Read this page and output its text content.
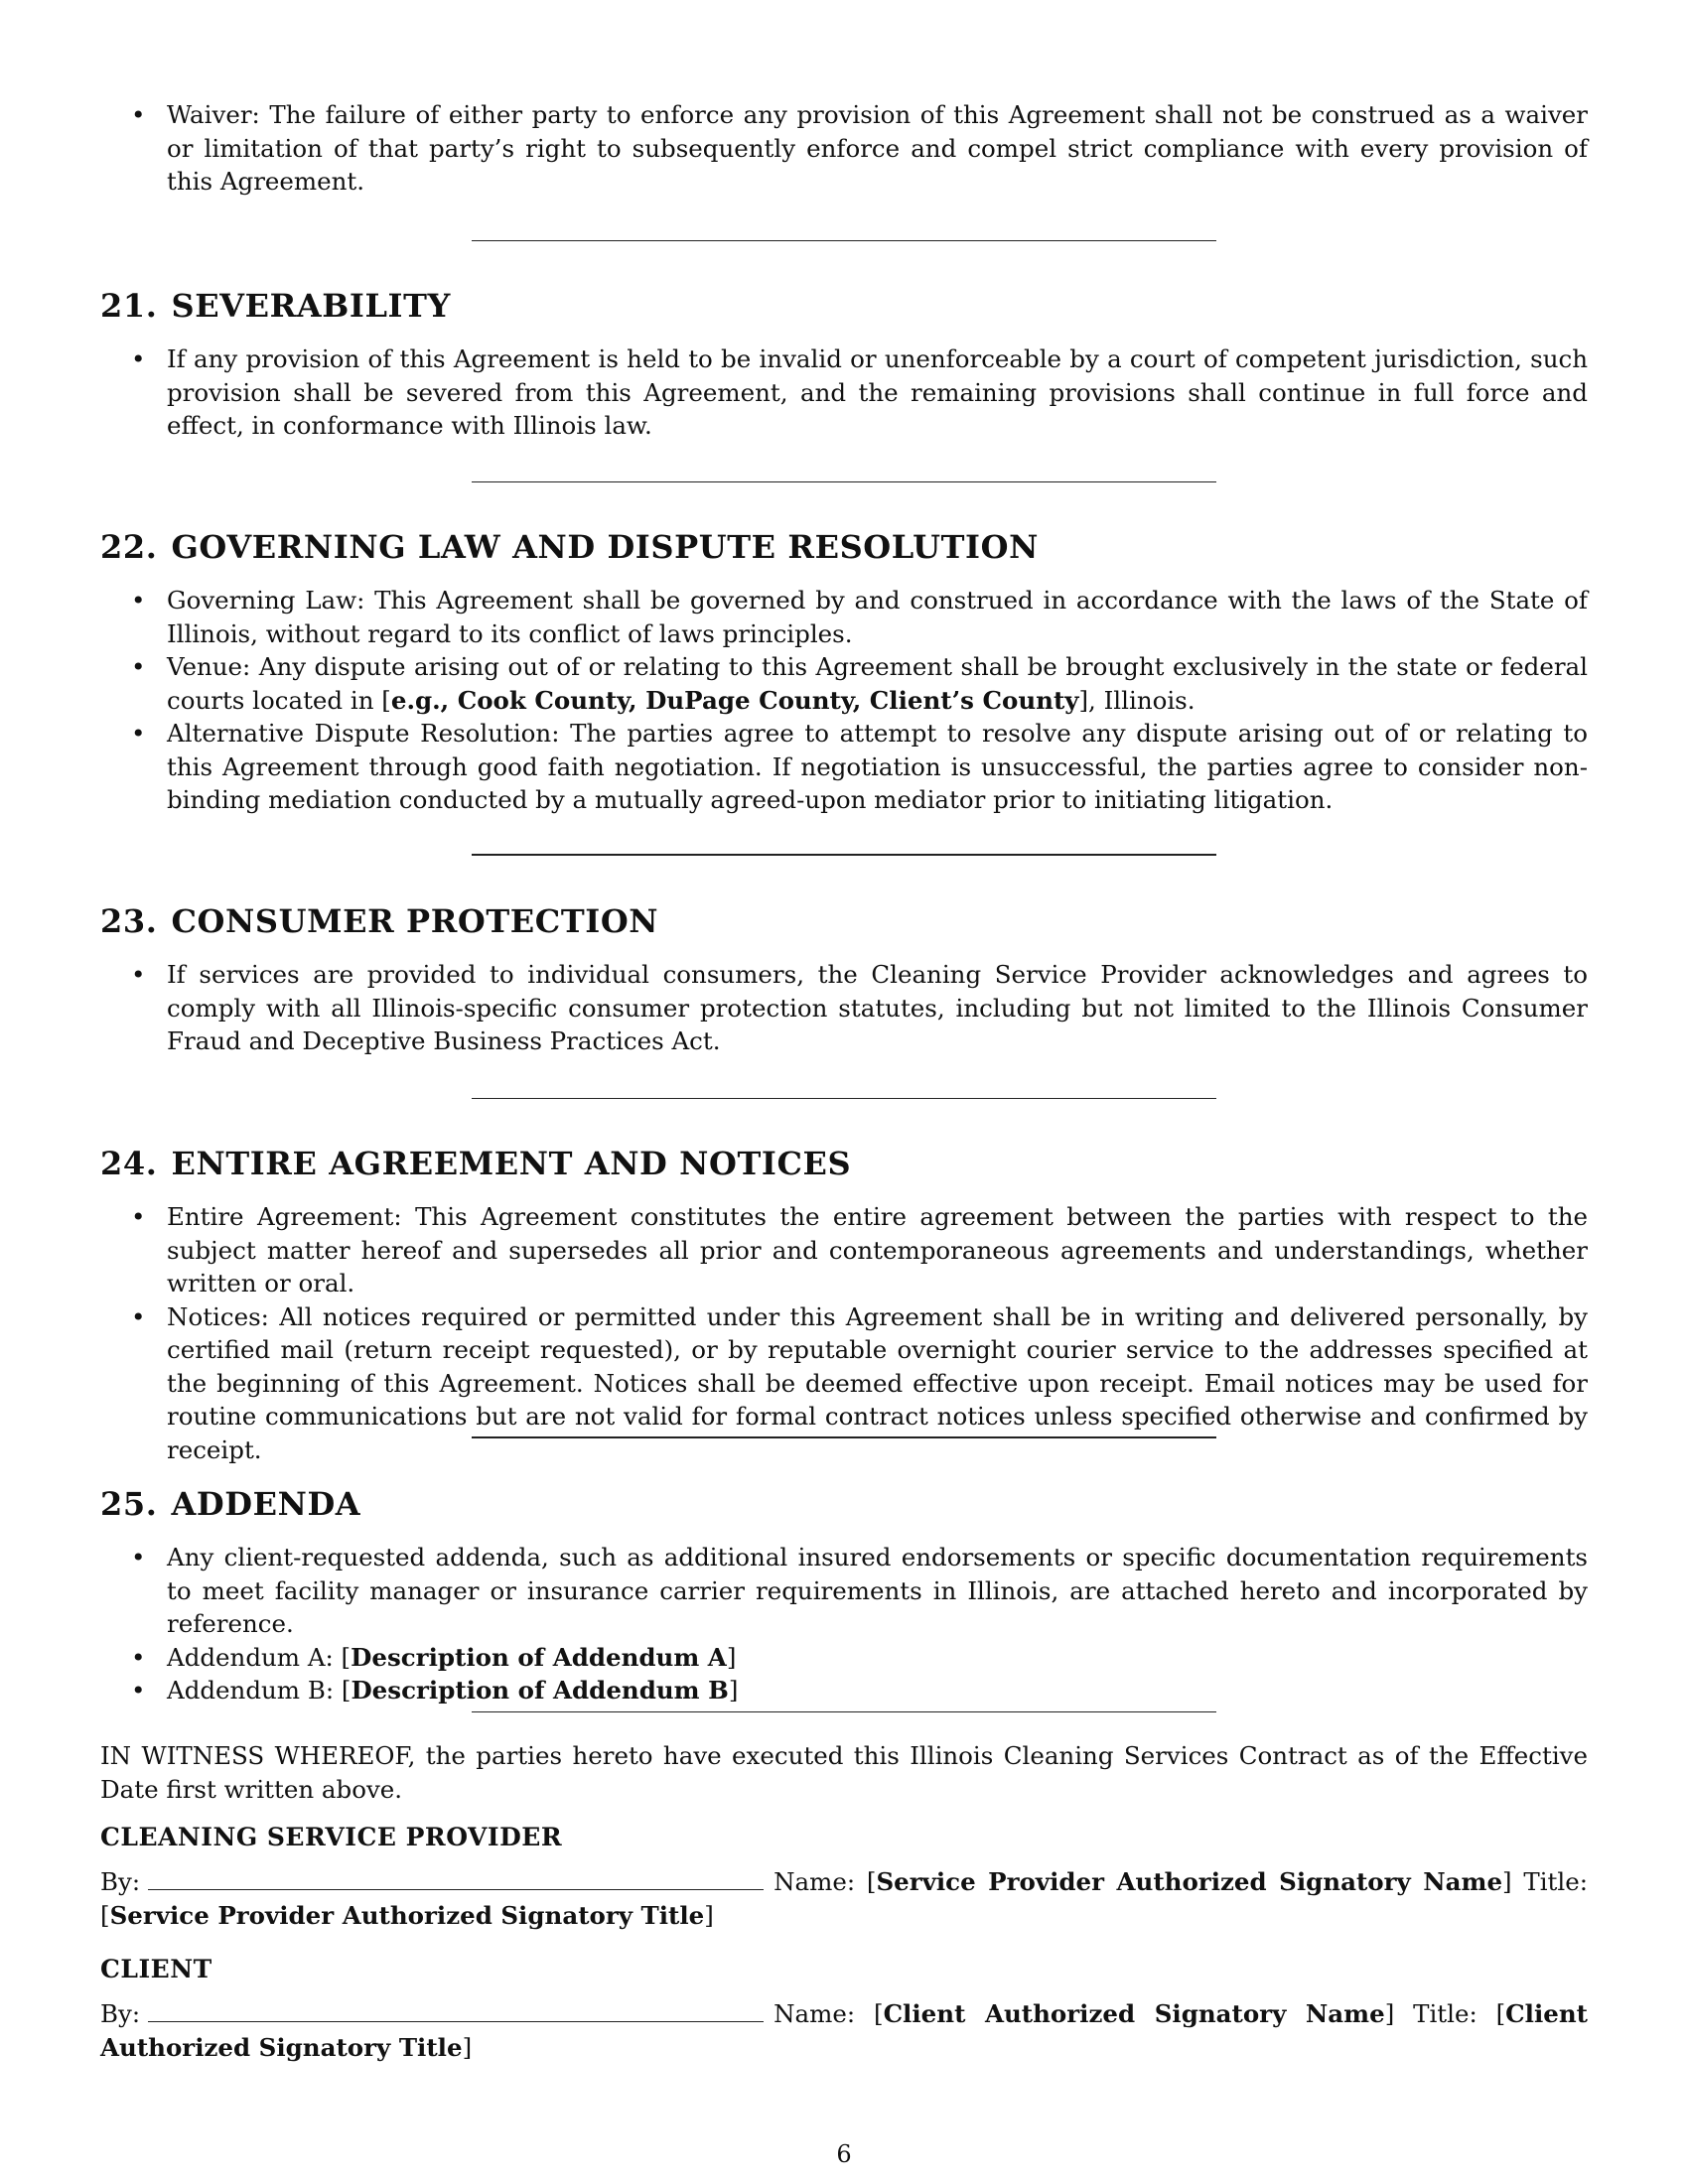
• Waiver: The failure of either party to enforce any provision of this Agreement shall not be construed as a waiver or limitation of that party’s right to subsequently enforce and compel strict compliance with every provision of this Agreement.
21. SEVERABILITY
• If any provision of this Agreement is held to be invalid or unenforceable by a court of competent jurisdiction, such provision shall be severed from this Agreement, and the remaining provisions shall continue in full force and effect, in conformance with Illinois law.
22. GOVERNING LAW AND DISPUTE RESOLUTION
• Governing Law: This Agreement shall be governed by and construed in accordance with the laws of the State of Illinois, without regard to its conflict of laws principles.
• Venue: Any dispute arising out of or relating to this Agreement shall be brought exclusively in the state or federal courts located in [e.g., Cook County, DuPage County, Client’s County], Illinois.
• Alternative Dispute Resolution: The parties agree to attempt to resolve any dispute arising out of or relating to this Agreement through good faith negotiation. If negotiation is unsuccessful, the parties agree to consider non-binding mediation conducted by a mutually agreed-upon mediator prior to initiating litigation.
23. CONSUMER PROTECTION
• If services are provided to individual consumers, the Cleaning Service Provider acknowledges and agrees to comply with all Illinois-specific consumer protection statutes, including but not limited to the Illinois Consumer Fraud and Deceptive Business Practices Act.
24. ENTIRE AGREEMENT AND NOTICES
• Entire Agreement: This Agreement constitutes the entire agreement between the parties with respect to the subject matter hereof and supersedes all prior and contemporaneous agreements and understandings, whether written or oral.
• Notices: All notices required or permitted under this Agreement shall be in writing and delivered personally, by certified mail (return receipt requested), or by reputable overnight courier service to the addresses specified at the beginning of this Agreement. Notices shall be deemed effective upon receipt. Email notices may be used for routine communications but are not valid for formal contract notices unless specified otherwise and confirmed by receipt.
25. ADDENDA
• Any client-requested addenda, such as additional insured endorsements or specific documentation requirements to meet facility manager or insurance carrier requirements in Illinois, are attached hereto and incorporated by reference.
• Addendum A: [Description of Addendum A]
• Addendum B: [Description of Addendum B]

IN WITNESS WHEREOF, the parties hereto have executed this Illinois Cleaning Services Contract as of the Effective Date first written above.

CLEANING SERVICE PROVIDER

By:	Name: [Service Provider Authorized Signatory Name] Title: [Service Provider Authorized Signatory Title]

CLIENT

By:	Name: [Client Authorized Signatory Name] Title: [Client Authorized Signatory Title]

6
